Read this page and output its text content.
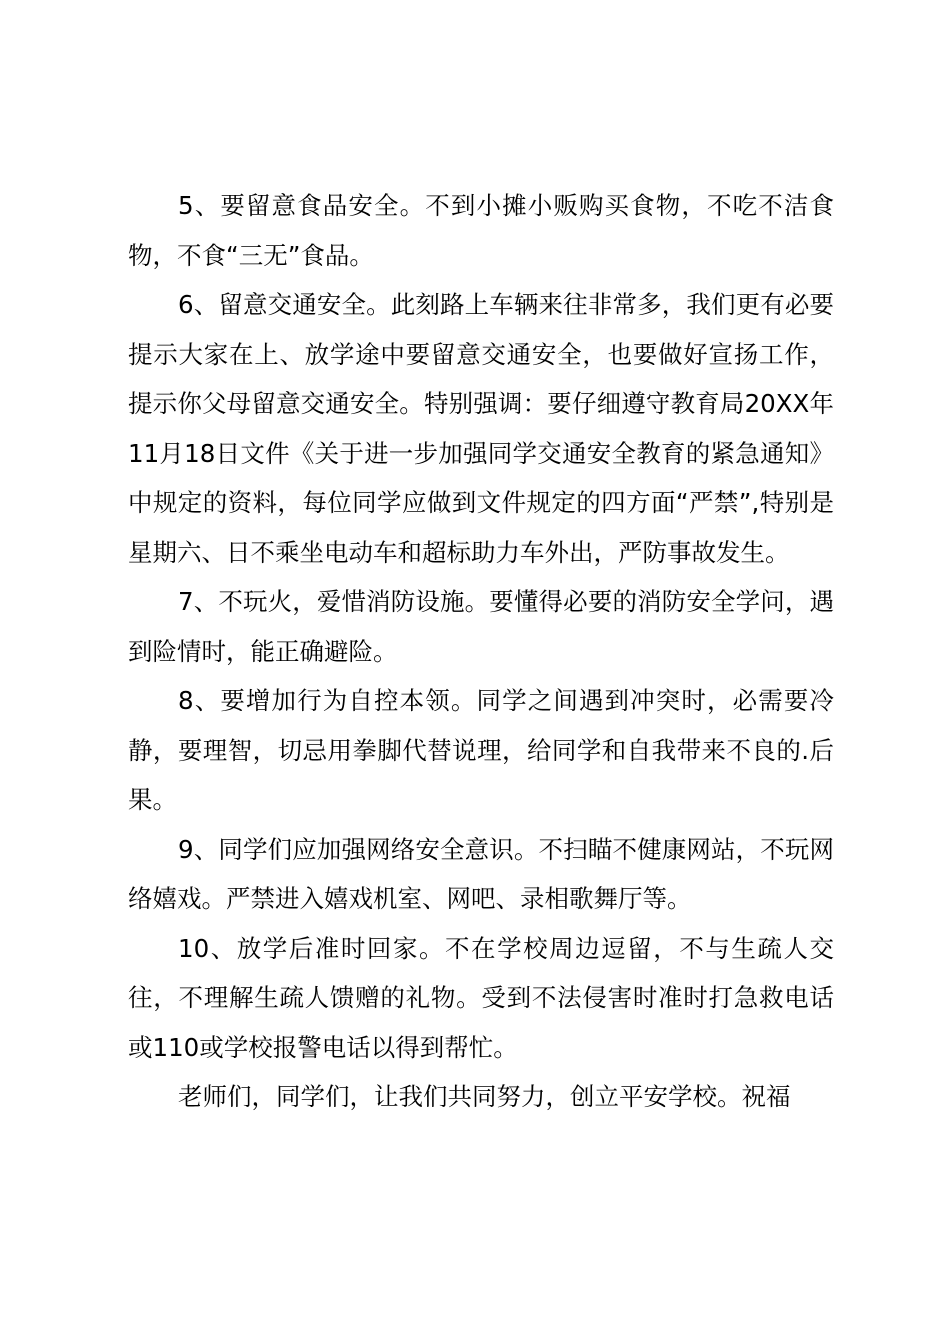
5、要留意食品安全。不到小摊小贩购买食物，不吃不洁食物，不食“三无”食品。

6、留意交通安全。此刻路上车辆来往非常多，我们更有必要提示大家在上、放学途中要留意交通安全，也要做好宣扬工作，提示你父母留意交通安全。特别强调：要仔细遵守教育局20XX年11月18日文件《关于进一步加强同学交通安全教育的紧急通知》中规定的资料，每位同学应做到文件规定的四方面“严禁”,特别是星期六、日不乘坐电动车和超标助力车外出，严防事故发生。

7、不玩火，爱惜消防设施。要懂得必要的消防安全学问，遇到险情时，能正确避险。

8、要增加行为自控本领。同学之间遇到冲突时，必需要冷静，要理智，切忌用拳脚代替说理，给同学和自我带来不良的.后果。

9、同学们应加强网络安全意识。不扫瞄不健康网站，不玩网络嬉戏。严禁进入嬉戏机室、网吧、录相歌舞厅等。

10、放学后准时回家。不在学校周边逗留，不与生疏人交往，不理解生疏人馈赠的礼物。受到不法侵害时准时打急救电话或110或学校报警电话以得到帮忙。

老师们，同学们，让我们共同努力，创立平安学校。祝福
